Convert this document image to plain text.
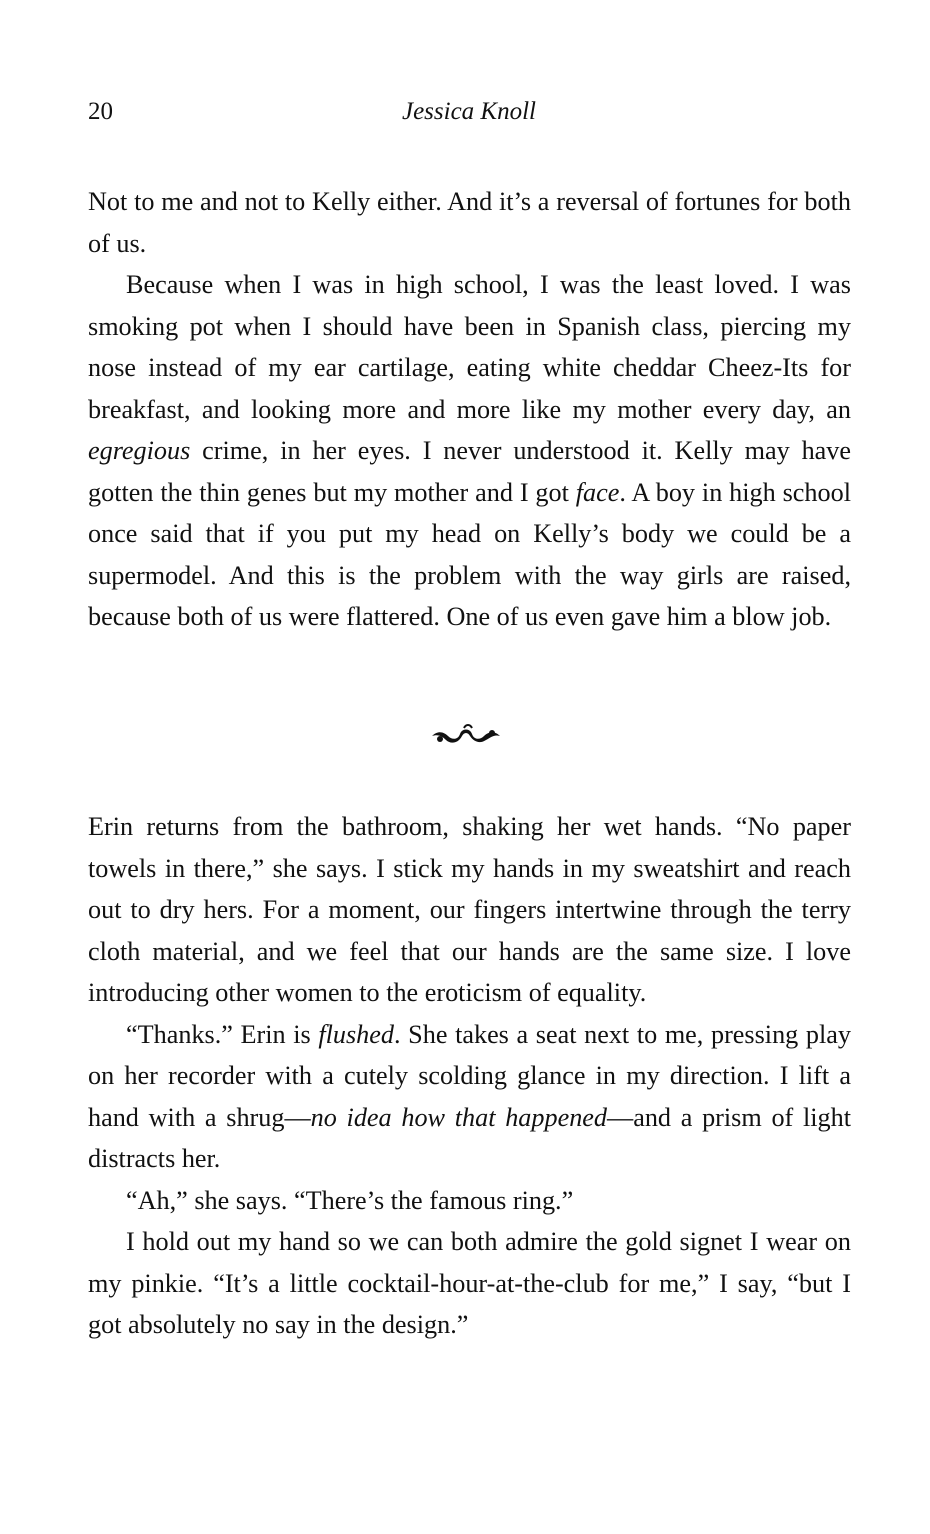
20	Jessica Knoll

Not to me and not to Kelly either. And it’s a reversal of fortunes for both of us.

Because when I was in high school, I was the least loved. I was smoking pot when I should have been in Spanish class, piercing my nose instead of my ear cartilage, eating white cheddar Cheez-Its for breakfast, and looking more and more like my mother every day, an egregious crime, in her eyes. I never understood it. Kelly may have gotten the thin genes but my mother and I got face. A boy in high school once said that if you put my head on Kelly’s body we could be a supermodel. And this is the problem with the way girls are raised, because both of us were flattered. One of us even gave him a blow job.

Erin returns from the bathroom, shaking her wet hands. “No paper towels in there,” she says. I stick my hands in my sweatshirt and reach out to dry hers. For a moment, our fingers intertwine through the terry cloth material, and we feel that our hands are the same size. I love introducing other women to the eroticism of equality.

“Thanks.” Erin is flushed. She takes a seat next to me, pressing play on her recorder with a cutely scolding glance in my direction. I lift a hand with a shrug—no idea how that happened—and a prism of light distracts her.

“Ah,” she says. “There’s the famous ring.”

I hold out my hand so we can both admire the gold signet I wear on my pinkie. “It’s a little cocktail-hour-at-the-club for me,” I say, “but I got absolutely no say in the design.”
